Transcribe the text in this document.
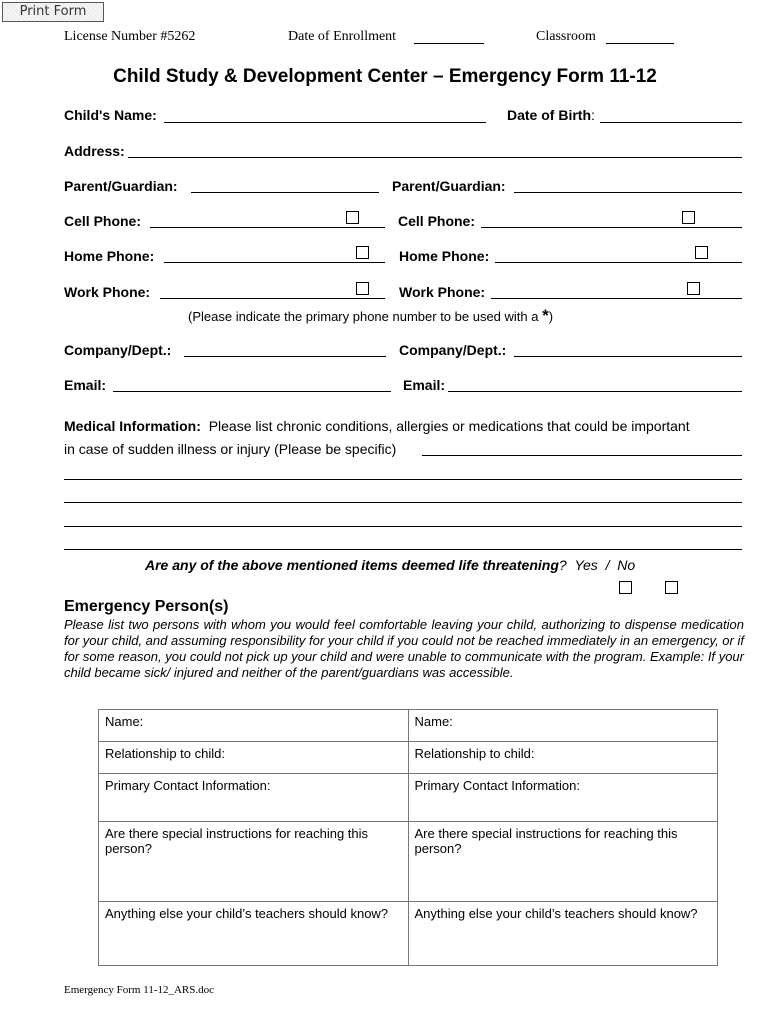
Print Form
License Number #5262	Date of Enrollment	Classroom
Child Study & Development Center – Emergency Form 11-12
Child's Name:	Date of Birth:
Address:
Parent/Guardian:	Parent/Guardian:
Cell Phone:	Cell Phone:
Home Phone:	Home Phone:
Work Phone:	Work Phone:
(Please indicate the primary phone number to be used with a *)
Company/Dept.:	Company/Dept.:
Email:	Email:
Medical Information: Please list chronic conditions, allergies or medications that could be important
in case of sudden illness or injury (Please be specific)
Are any of the above mentioned items deemed life threatening? Yes / No
Emergency Person(s)
Please list two persons with whom you would feel comfortable leaving your child, authorizing to dispense medication for your child, and assuming responsibility for your child if you could not be reached immediately in an emergency, or if for some reason, you could not pick up your child and were unable to communicate with the program. Example: If your child became sick/ injured and neither of the parent/guardians was accessible.
Name:	Name:
Relationship to child:	Relationship to child:
Primary Contact Information:	Primary Contact Information:
Are there special instructions for reaching this person?	Are there special instructions for reaching this person?
Anything else your child’s teachers should know?	Anything else your child’s teachers should know?
Emergency Form 11-12_ARS.doc
